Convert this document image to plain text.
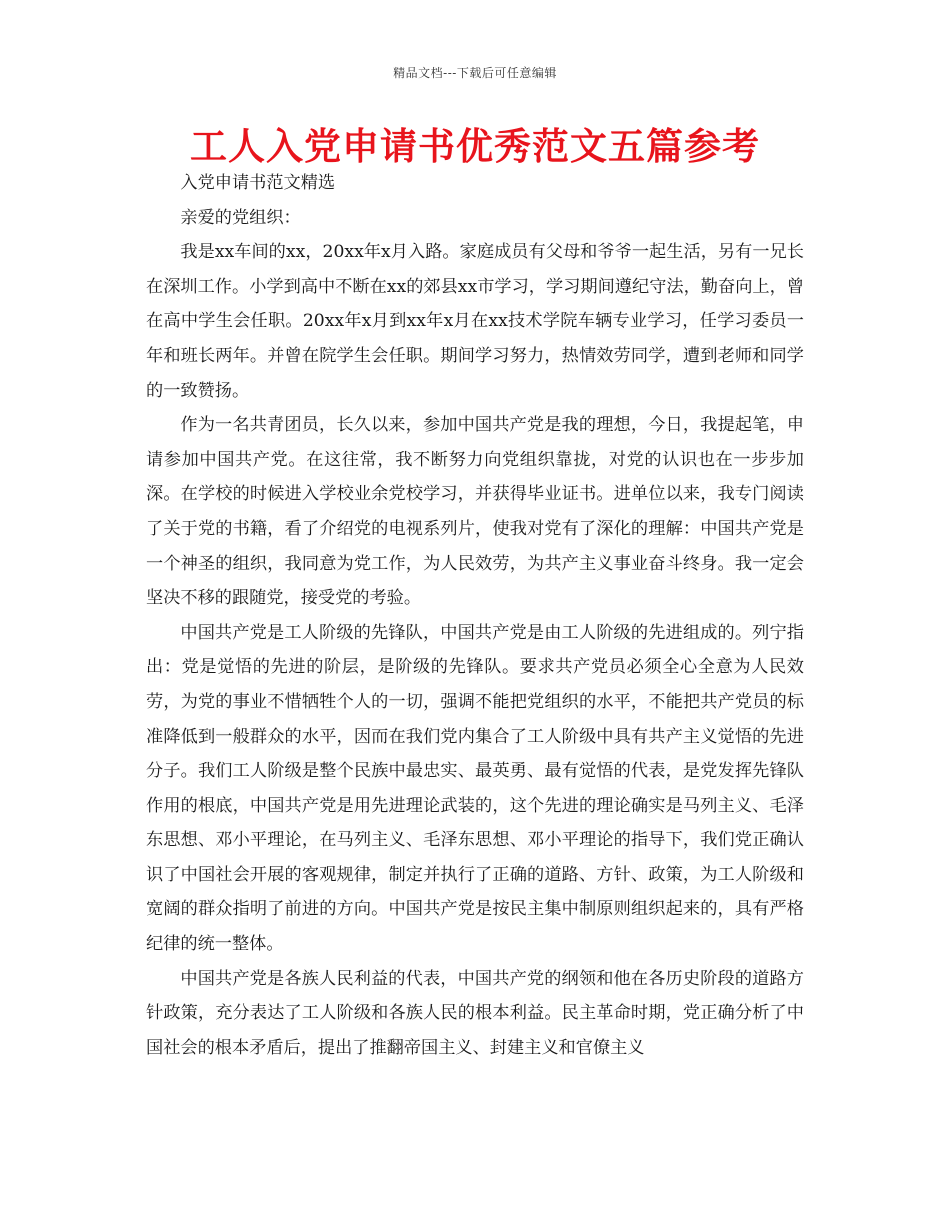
精品文档---下载后可任意编辑
工人入党申请书优秀范文五篇参考

入党申请书范文精选

亲爱的党组织：

我是xx车间的xx，20xx年x月入路。家庭成员有父母和爷爷一起生活，另有一兄长在深圳工作。小学到高中不断在xx的郊县xx市学习，学习期间遵纪守法，勤奋向上，曾在高中学生会任职。20xx年x月到xx年x月在xx技术学院车辆专业学习，任学习委员一年和班长两年。并曾在院学生会任职。期间学习努力，热情效劳同学，遭到老师和同学的一致赞扬。

作为一名共青团员，长久以来，参加中国共产党是我的理想，今日，我提起笔，申请参加中国共产党。在这往常，我不断努力向党组织靠拢，对党的认识也在一步步加深。在学校的时候进入学校业余党校学习，并获得毕业证书。进单位以来，我专门阅读了关于党的书籍，看了介绍党的电视系列片，使我对党有了深化的理解：中国共产党是一个神圣的组织，我同意为党工作，为人民效劳，为共产主义事业奋斗终身。我一定会坚决不移的跟随党，接受党的考验。

中国共产党是工人阶级的先锋队，中国共产党是由工人阶级的先进组成的。列宁指出：党是觉悟的先进的阶层，是阶级的先锋队。要求共产党员必须全心全意为人民效劳，为党的事业不惜牺牲个人的一切，强调不能把党组织的水平，不能把共产党员的标准降低到一般群众的水平，因而在我们党内集合了工人阶级中具有共产主义觉悟的先进分子。我们工人阶级是整个民族中最忠实、最英勇、最有觉悟的代表，是党发挥先锋队作用的根底，中国共产党是用先进理论武装的，这个先进的理论确实是马列主义、毛泽东思想、邓小平理论，在马列主义、毛泽东思想、邓小平理论的指导下，我们党正确认识了中国社会开展的客观规律，制定并执行了正确的道路、方针、政策，为工人阶级和宽阔的群众指明了前进的方向。中国共产党是按民主集中制原则组织起来的，具有严格纪律的统一整体。

中国共产党是各族人民利益的代表，中国共产党的纲领和他在各历史阶段的道路方针政策，充分表达了工人阶级和各族人民的根本利益。民主革命时期，党正确分析了中国社会的根本矛盾后，提出了推翻帝国主义、封建主义和官僚主义
